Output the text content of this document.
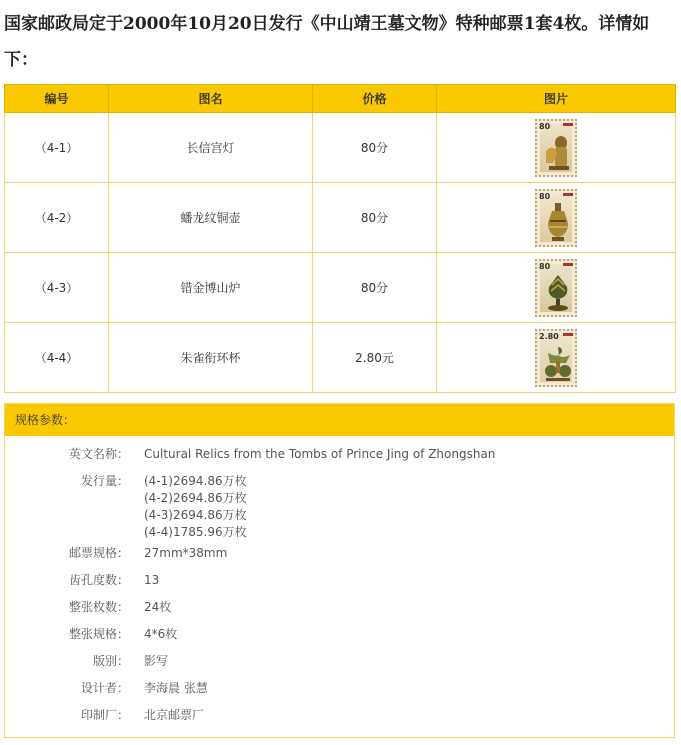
国家邮政局定于2000年10月20日发行《中山靖王墓文物》特种邮票1套4枚。详情如下：

编号	图名	价格	图片
（4-1）	长信宫灯	80分	80

（4-2）	蟠龙纹铜壶	80分	80

（4-3）	错金博山炉	80分	80

（4-4）	朱雀衔环杯	2.80元	2.80
规格参数：
英文名称： Cultural Relics from the Tombs of Prince Jing of Zhongshan
发行量： (4-1)2694.86万枚
(4-2)2694.86万枚
(4-3)2694.86万枚
(4-4)1785.96万枚
邮票规格： 27mm*38mm
齿孔度数： 13
整张枚数： 24枚
整张规格： 4*6枚
版别： 影写
设计者： 李海晨 张慧
印制厂： 北京邮票厂
